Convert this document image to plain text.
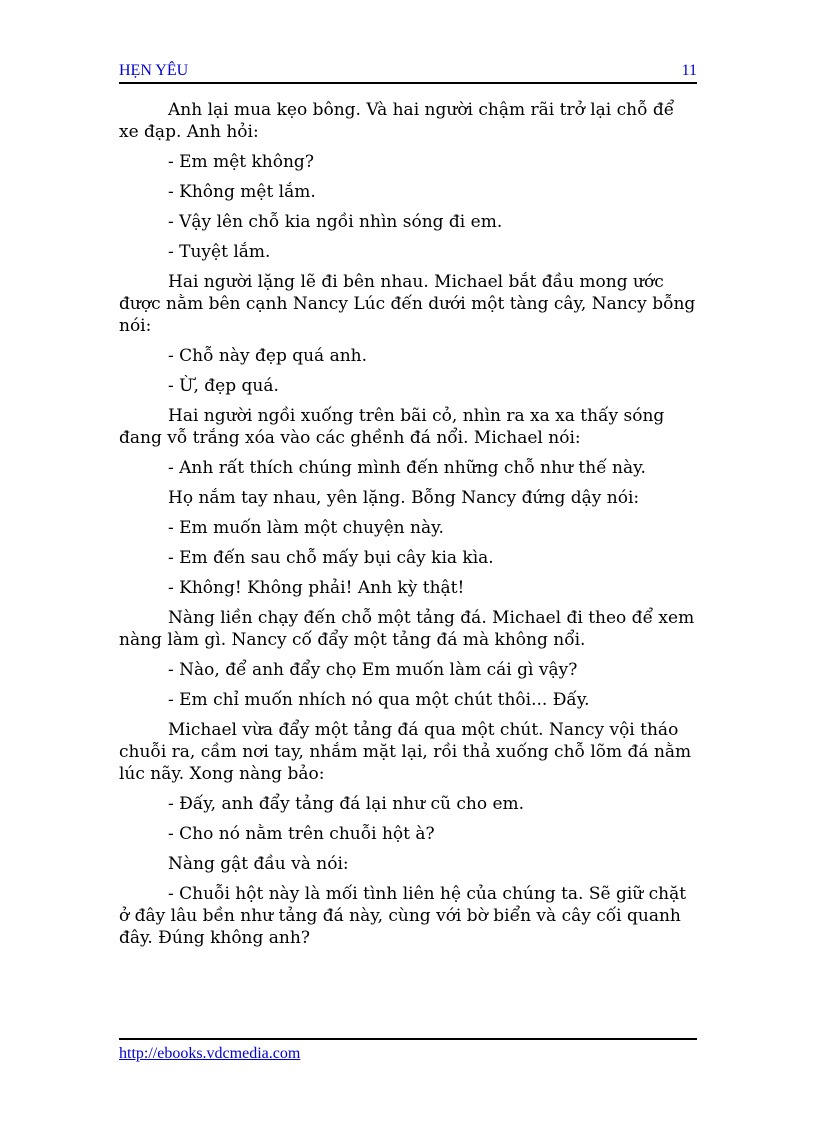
HẸN YÊU	11

Anh lại mua kẹo bông. Và hai người chậm rãi trở lại chỗ để
xe đạp. Anh hỏi:

- Em mệt không?

- Không mệt lắm.

- Vậy lên chỗ kia ngồi nhìn sóng đi em.

- Tuyệt lắm.

Hai người lặng lẽ đi bên nhau. Michael bắt đầu mong ước
được nằm bên cạnh Nancy Lúc đến dưới một tàng cây, Nancy bỗng
nói:

- Chỗ này đẹp quá anh.

- Ừ, đẹp quá.

Hai người ngồi xuống trên bãi cỏ, nhìn ra xa xa thấy sóng
đang vỗ trắng xóa vào các ghềnh đá nổi. Michael nói:

- Anh rất thích chúng mình đến những chỗ như thế này.

Họ nắm tay nhau, yên lặng. Bỗng Nancy đứng dậy nói:

- Em muốn làm một chuyện này.

- Em đến sau chỗ mấy bụi cây kia kìa.

- Không! Không phải! Anh kỳ thật!

Nàng liền chạy đến chỗ một tảng đá. Michael đi theo để xem
nàng làm gì. Nancy cố đẩy một tảng đá mà không nổi.

- Nào, để anh đẩy chọ Em muốn làm cái gì vậy?

- Em chỉ muốn nhích nó qua một chút thôi... Đấy.

Michael vừa đẩy một tảng đá qua một chút. Nancy vội tháo
chuỗi ra, cầm nơi tay, nhắm mặt lại, rồi thả xuống chỗ lõm đá nằm
lúc nãy. Xong nàng bảo:

- Đấy, anh đẩy tảng đá lại như cũ cho em.

- Cho nó nằm trên chuỗi hột à?

Nàng gật đầu và nói:

- Chuỗi hột này là mối tình liên hệ của chúng ta. Sẽ giữ chặt
ở đây lâu bền như tảng đá này, cùng với bờ biển và cây cối quanh
đây. Đúng không anh?

http://ebooks.vdcmedia.com
